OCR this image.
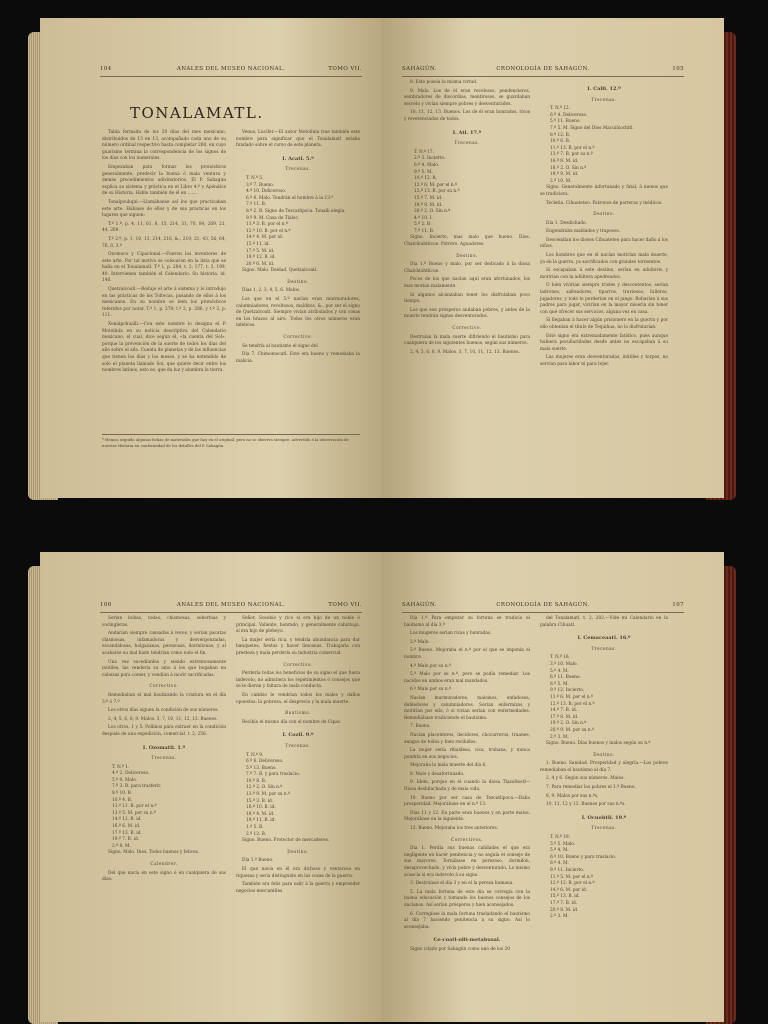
104	ANALES DEL MUSEO NACIONAL.	TOMO VII.
TONALAMATL.

Tabla formada de los 20 días del mes mexicano, distribuidos de 13 en 13, acompañado cada uno de su número ordinal respectivo hasta completar 260, en cuyo guarismo termina la correspondencia de los signos de los días con los numerales.

Empezaban para formar los pronósticos generalmente, predecir la buena ó mala ventura y demás procedimientos adivinatorios. El P. Sahagún explica su sistema y práctica en el Libro 4.º y Apéndice de su Historia. Hablo también de él en .......

Tonalpouhqui.—Llamábanse así los que practicaban este arte. Hábiase de ellos y de sus prácticas en los lugares que siguen:

T.º 1.º, p. 4, 11, 61, 8, 15, 214, 31, 70, 84, 269, 21, 44, 269.

T.º 2.º, p. 1, 10, 13, 214, 216, &., 219, 21, 43, 56, 64, 76, 8, 3.º

Oxomoco y Cipactonal.—Fueron los inventores de este arte. Por tal motivo se colocaron en la lista que se halla en el Tonalamatl. T.º 1, p. 284, t. 2, 177, t. 3, 199, 40. Intervienen también el Calendario. Su historia, id. 140.

Quetzalcoatl.—Redujo el arte á sistema y lo introdujo en las prácticas de los Toltecas, pasando de ellos á los mexicanos. En su nombre se leen los pronósticos referidos por notar. T.º 1, p. 279; t.º 2, p. 286, y t.º 3, p. 111.

Xonalpohualli.—Con este nombre lo designa el P. Motolinía en su noticia descriptiva del Calendario mexicano, el cual, dice según él, «la cuenta del Sol», porque la prevención de la suerte de todos los días del año sobre el año. Cuenta de planetas y de las influencias que tienen los días y los meses, y se ha entendido de solo el planeta llamado Sol, que quiere decir entre los nombres latinos, esto es, que da luz y alumbra la tierra.

Venus, Lucifer.—El autor Motolinía trae también este nombre para significar que el Tonalamatl estaba fundado sobre el curso de este planeta.

I. Acatl. 5.º
Trecenas.

T. N.º 5.

3.º 7. Bueno.

4.º 10. Deliceroso.

6.º 8. Malo. Tendrán el hombre á la 13.ª

7.º 11. B.

8.º 2. B. Signo de Tezcatlipoca. Tonalli elegía.

9.º 9. M. Casa de Tlaloc.

11.º 3. B. por el n.º

12.º 10. B. por el n.º

14.º 4. M. por id.

15.º 11. id.

17.º 5. M. id.

18.º 12. B. id.

20.º 6. M. id.

Signo. Malo. Deidad. Quetzalcoatl.

Destino.

Días 1, 2, 3, 4, 5, 6. Malos.

Los que en el 5.º nacían eran murmuradores, calumniadores, revoltosos, malditos, &., por ser el signo de Quetzalcoatl. Siempre vivían atribulados y con cosas en los brazos al aire. Todos los otros números eran infelices.

Correctivo.

Se tendría al bautismo el signo del

Día 7. Chimomocatl. Este era bueno y remediaba la malicia.

* Hemos seguido algunas fichas de materiales que hay en el original, pero no se observa siempre, advertido á la observación de nuestra Historia en conformidad de los detalles del P. Sahagún.
SAHAGÚN.	CRONOLOGÍA DE SAHAGÚN.	105

8. Este poseía la misma virtud.

9. Malo. Los de él eran recelosos, pendencieros, sembradores de discordias, mentirosos, se guardaban secreto y vivían siempre pobres y desventurados.

10, 11, 12, 13. Buenos. Los de él eran honrados, ricos y reverenciados de todos.

I. Atl. 17.º
Trecenas.

T. N.º 17.

2.º 3. Incierto.

6.º 4. Malo.

9.º 5. M.

10.º 12. B.

12.º 6. M. por el n.º

13.º 13. B. por su n.º

15.º 7. M. id.

18.º 8. M. id.

20.º 2. O. Sin n.º

4.º 10. I.

5.º 2. B.

7.º 11. B.

Signo. Incierto, mas malo que bueno. Dios. Chalchiuhtlicue. Potrero. Aguadores.

Destino.

Día 1.º Bueno y malo, por ser dedicado á la diosa Chalchiuhtlicue.

Pocos de los que nacían aquí eran afortunados, los mas morían malamente.

Si algunos alcanzaban tener los disfrutaban poco tiempo.

Los que son prósperos andaban pobres, y antes de la muerte tendrán signos desventurados.

Correctivo.

Destruían la mala suerte difiriendo el bautismo para cualquiera de los siguientes buenos, según sus números.

2, 4, 5, 6, 8, 9. Malos. 3, 7, 10, 11, 12, 13. Buenos.

I. Calli. 12.º
Trecenas.

T. N.º 12.

6.º 4. Deliceroso.

5.º 11. Bueno.

7.º 5. M. Signo del Dios Macuilxochitl.

8.º 12. B.

10.º 6. B.

11.º 13. B. por el n.º

13.º 7. B. por su n.º

16.º 8. M. id.

18.º 2. O. Sin n.º

19.º 9. M. id.

2.º 10. M.

Signo. Generalmente infortunado y fatal, á menos que se tradiciera.

Tecletia. Cihuateteo. Patronos de parteras y médicos.

Destino.

Día 1. Desdichado.

Engendraba maldades y traposos.

Descendían los dioses Cihuateteo para hacer daño á los niños.

Los hombres que en él nacían morirían mala muerte, ya en la guerra, ya sacrificados con grandes tormentos.

Si escapaban á este destino, serían en adulterio y morirían con la adúltera apedreados.

O bien vivirían siempre tristes y descontentos, serían ladrones, salteadores, tiparros, traviesos, fulleros, jugadores, y todo lo perderían en el juego. Robarían á sus padres para jugar, vivirían en la mayor miseria sin tener con qué ofrecer sus servicios, alguna vez en casa.

Si llegaban á hacer algún prisionero en la guerra y por ello obtenían el título de Tequihua, no lo disfrutarían.

Este signo era extremadamente fatídico, pues aunque hubiera peculiaridades desde antes no escapaban á su mala suerte.

Las mujeres eran desventuradas, inútiles y torpes, no servían para labor ni para tejer.

106	ANALES DEL MUSEO NACIONAL.	TOMO VII.

Serían bobas, todas, chismosas, soberbias y vocingleras.

Andarían siempre cansadas á veces, y serían pacatas chismosas, infamadoras y desvergonzadas, escandalosas, holgazanas, perezosas, dormilonas; y al acabarse su mal hado tendrían como nulo el fin.

Una vez sucedíanles y siendo extremosamente inútiles, las vendería su amo á los que bogaban en cabezas para comer, y vendían á morir sacrificadas.

Correctivo.

Remediaban el mal bautizando la criatura en el día 3.º ó 7.º

Los otros días siguen la condición de sus números.

2, 4, 5, 6, 8, 9. Malos. 3, 7, 10, 11, 12, 13. Buenos.

Los otros. 1 y 5. Pollinos para extraer en la condición después de una expedición, comercial. t. 2, 256.

I. Ozomatli. 1.º
Trecenas.

T. N.º 1.

4.º 2. Deliceroso.

5.º 9. Malo.

7.º 3. B. para trasferir.

8.º 10. B.

10.º 4. B.

11.º 11. B. por el n.º

13.º 5. M. por su n.º

14.º 12. B. id.

16.º 6. M. id.

17.º 13. B. id.

19.º 7. B. id.

2.º 8. M.

Signo. Malo. Dios. Todos buenos y felices.

Calendrer.

Del que nacía en este signo ó en cualquiera de sus días:

Señor, Sosobio y rico si era hijo de un noble ó principal. Valiente, honrado, y generalmente cabizbajo, sí era hijo de plebeyo.

La mujer sería rica, y tendría abundancia para dar banquetes, fiestas y hacer limosnas. Trabajaría con presteza y mala perdería su industria comercial.

Correctivo.

Perdería todas los beneficios de su signo el que fuera indevoto, no admitiera los repetimientos ó consejos que se le dieran y faltara de mala conducta.

En cambio le vendrían todos los males y daños opuestos: la pobreza, el desprecio y la mala muerte.

Bautismo.

Recibía el mismo día con el nombre de Cipac.

I. Cozil. 9.º
Trecenas.

T. N.º 9.

6.º 6. Deliceroso.

5.º 13. Bueno.

7.º 7. B. y para traslacio.

10.º 8. B.

12.º 2. O. Sin n.º

13.º 9. M. por su n.º

15.º 3. B. id.

16.º 10. B. id.

18.º 4. M. id.

19.º 11. B. id.

1.º 5. B.

2.º 12. B.

Signo. Bueno. Protector de mercaderes.

Destino.

Día 1.º Bueno.

El que nacía en él era dichoso y ventaroso en riquezas y sería distinguido en las cosas de la guerra.

También era feliz para salir á la guerra y emprender negocios mercantiles.

SAHAGÚN.	CRONOLOGÍA DE SAHAGÚN.	107

Día 1.º Para empezar su fortuna se tradicía el bautismo al día 3.º

Los mugeres serían ricas y honradas.

2.º Malo.

3.º Bueno. Mejoraba el n.º por el que se imponía el nombre.

4.º Malo por su n.º

5.º Malo por su n.º, pero se podía remediar. Los nacidos en ambos eran mal mandados.

6.º Malo por su n.º

Nacían murmuradores, malsinos, enfadosos, dobledores y calumniadores. Serían enfermizos y morirían por ello, ó si vivían serían con enfermedades. Remediábase tradiciendo el bautismo.

7. Bueno.

Nacían placenteros, decidores, chocarreros, truanes, amigos de todos y bien recibidos.

La mujer sería ribaldesa, cica, truhana, y nunca pondría en sus negocios.

Mejoraba la mala muerte del día 6.

8. Malo y desafortunado.

9. Idem, porque en él cuando la diosa Tlazolteotl—Diosa deshilachada y de mala vida.

10. Bueno por ser casa de Tezcatlipoca.—Daba prosperidad. Mejorábase en el n.º 13.

Días 11 y 12. En parte eran buenos y en parte malos. Mejorábase en la siguiente.

13. Bueno. Mejoraba los tres anteriores.

Correctivos.

Día 1. Perdía sus buenas calidades el que era negligente en hacer penitencia y no seguía el consejo de sus mayores. Tornábase en perezoso, dormilón, desaprovechado, y vivía pobre y desventurado. Lo mismo acaecía si era indevoto á su signo.

3. Destruíase el día 3 y en el la pereza humana.

5. La mala fortuna de este día se corregía con la buena educación y tomando los buenos consejos de los ancianos. Así serían prósperos y bien aconsejados.

6. Corregíase la mala fortuna trasladando el bautismo al día 7 haciendo penitencia á su signo. Así lo aconsejaba:

Ce-coatl-olli-metabusal.

Signo citado por Sahagún como uno de los 20

del Tonalamatl, t. 2, 282.—Vide mi Calendario en la palabra Cihuatl.

I. Cemaceaatl. 16.º
Trecenas.

T. N.º 16.

3.º 10. Malo.

5.º 4. M.

6.º 11. Bueno.

8.º 5. M.

9.º 12. Incierto.

11.º 6. M. por el n.º

12.º 13. B. por el n.º

14.º 7. B. id.

17.º 8. M. id.

19.º 2. O. Sin n.º

20.º 9. M. por su n.º

2.º 3. M.

Signo. Bueno. Días buenos y malos según su n.º

Destino.

1. Bueno. Sanidad. Prosperidad y alegría.—Los pobres remediaban el bautismo al día 7.

2, 4 y 6. Según sus números. Malos.

7. Para remediar los pobres el 1.º Bueno.

8, 9. Malos por sus n.ºs.

10, 11, 12 y 13. Buenos por sus n.ºs.

I. Ocuohtli. 19.º
Trecenas.

T. N.º 19.

3.º 5. Malo.

5.º 4. M.

6.º 10. Bueno y para traslacio.

8.º 4. M.

9.º 11. Incierto.

11.º 5. M. por el n.º

12.º 12. B. por el n.º

14.º 6. M. por id.

15.º 13. B. id.

17.º 7. B. id.

20.º 8. M. id.

2.º 3. M.
